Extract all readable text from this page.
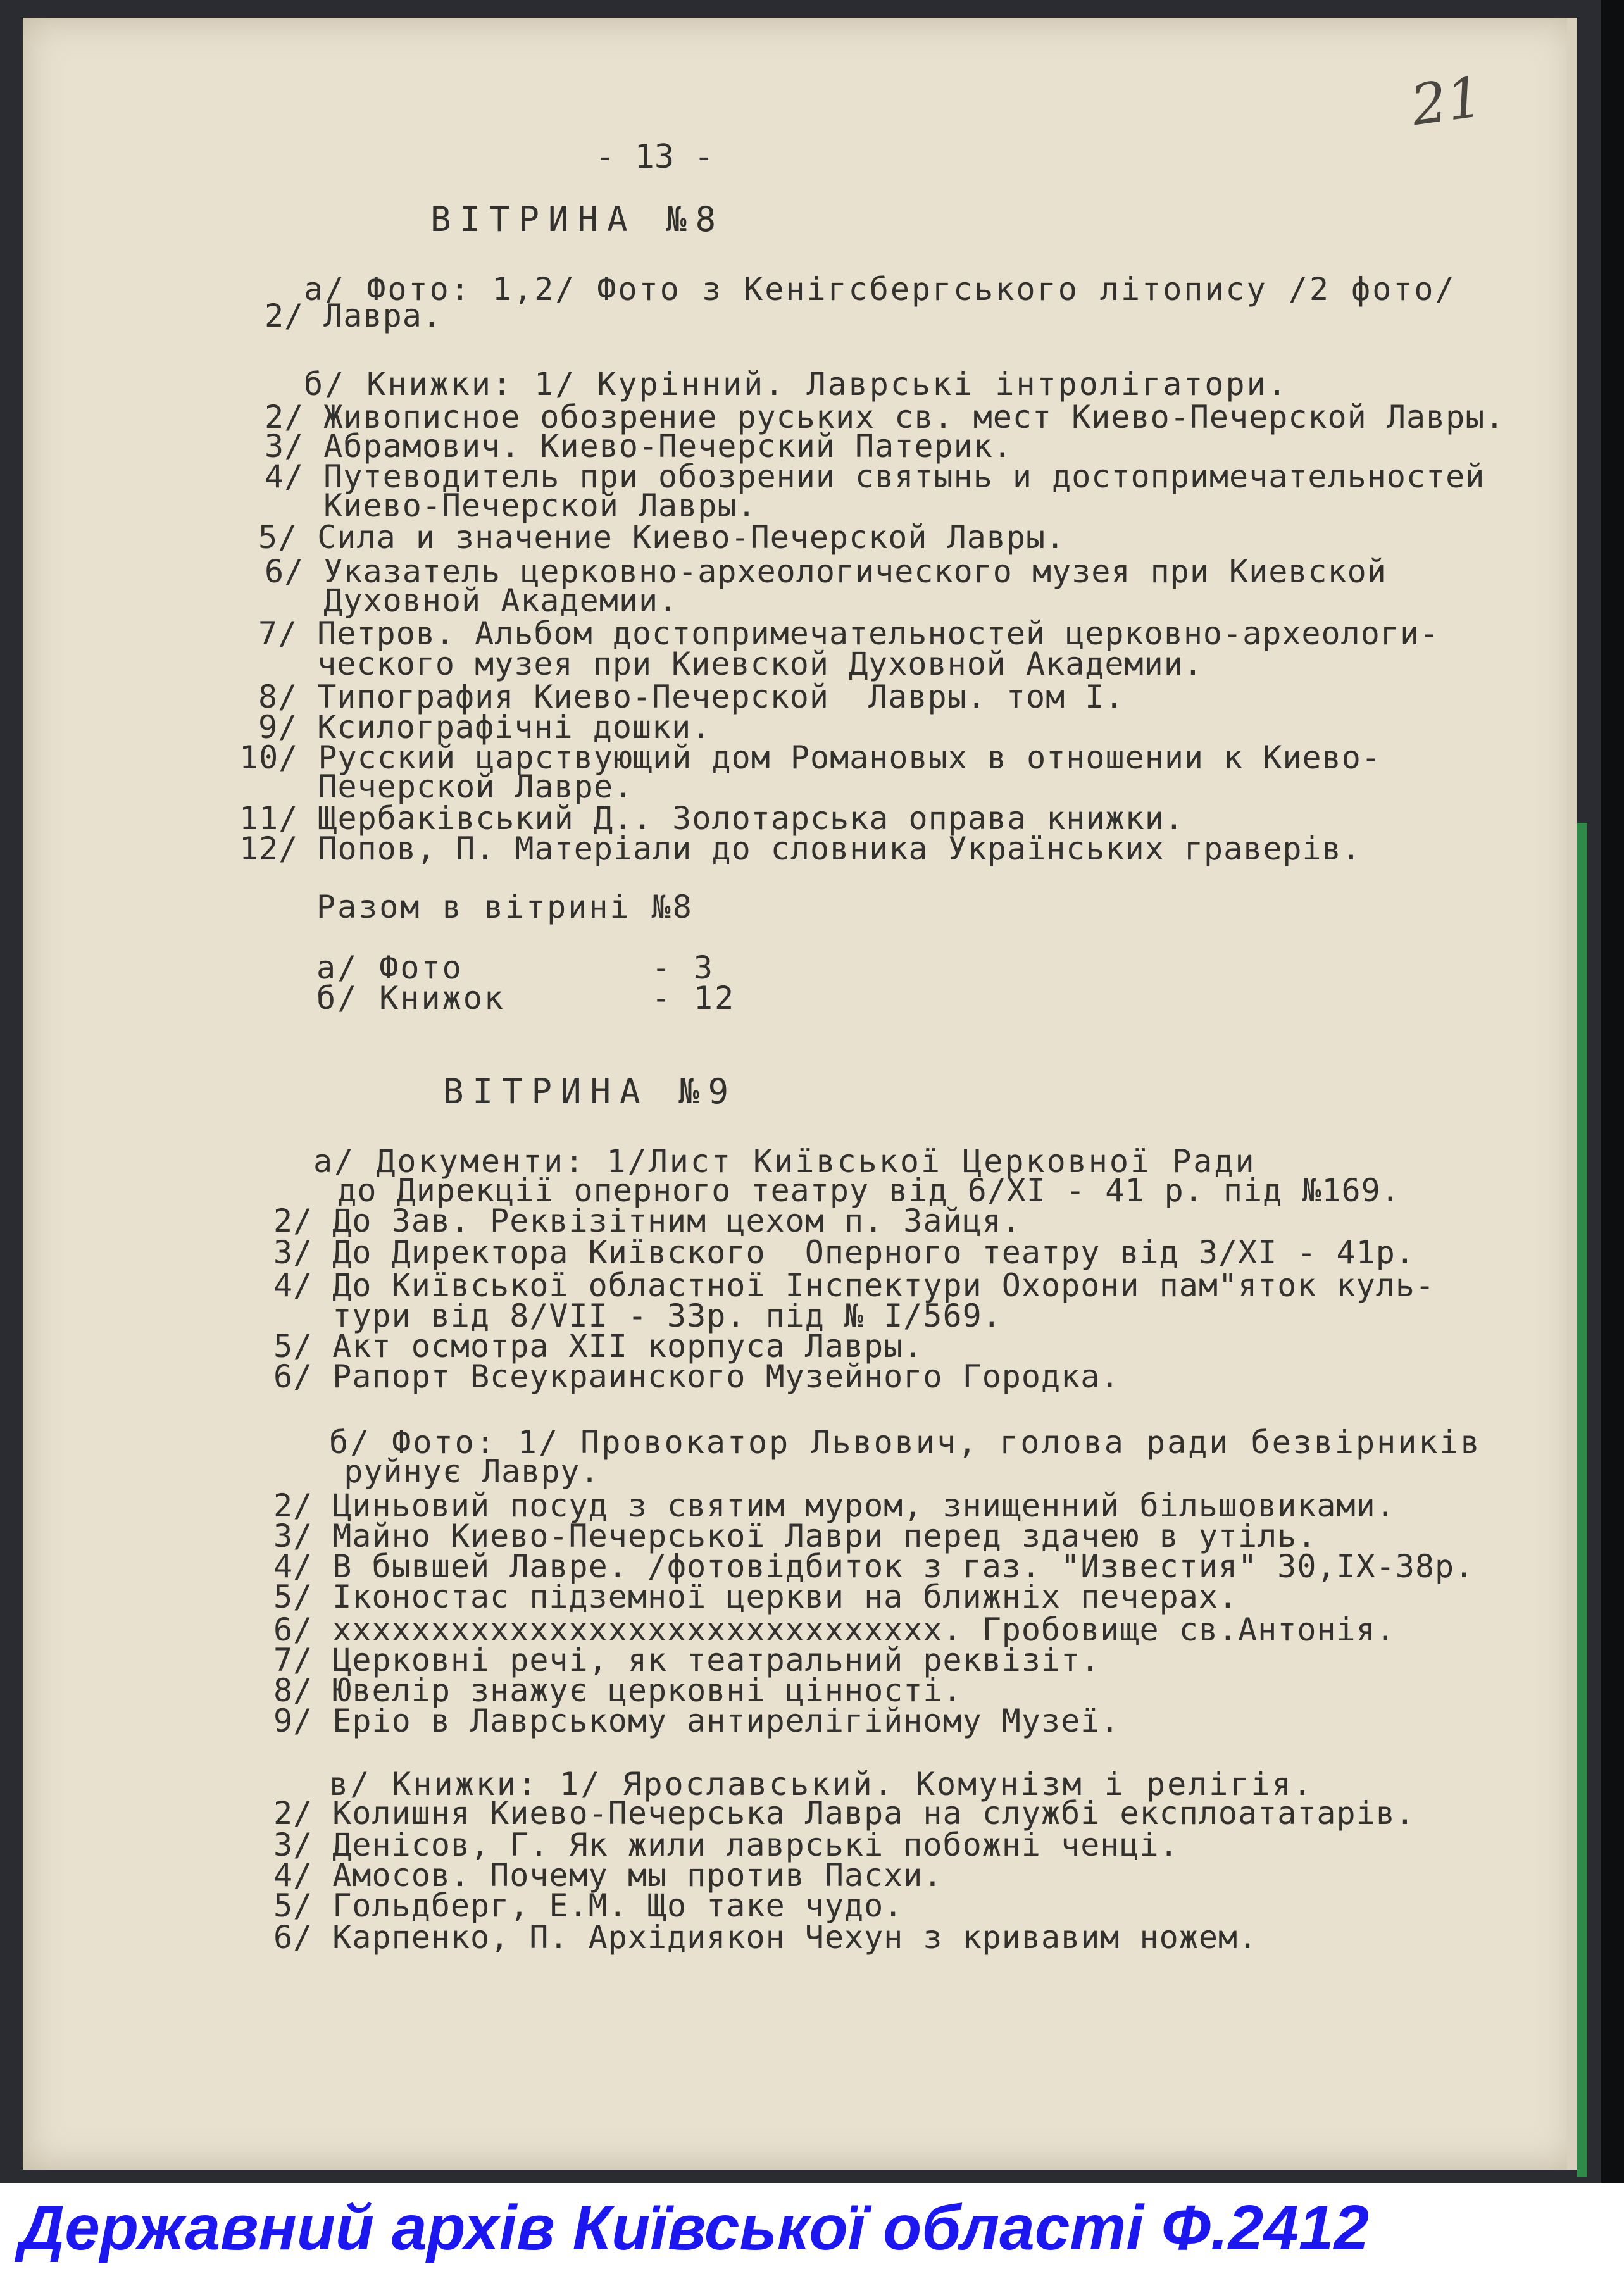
21
- 13 -
ВІТРИНА №8
а/ Фото: 1,2/ Фото з Кенігсбергського літопису /2 фото/
2/ Лавра.
б/ Книжки: 1/ Курінний. Лаврські інтролігатори.
2/ Живописное обозрение руських св. мест Киево-Печерской Лавры.
3/ Абрамович. Киево-Печерский Патерик.
4/ Путеводитель при обозрении святынь и достопримечательностей
Киево-Печерской Лавры.
5/ Сила и значение Киево-Печерской Лавры.
6/ Указатель церковно-археологического музея при Киевской
Духовной Академии.
7/ Петров. Альбом достопримечательностей церковно-археологи-
ческого музея при Киевской Духовной Академии.
8/ Типография Киево-Печерской  Лавры. том I.
9/ Ксилографічні дошки.
10/ Русский царствующий дом Романовых в отношении к Киево-
Печерской Лавре.
11/ Щербаківський Д.. Золотарська оправа книжки.
12/ Попов, П. Матеріали до словника Українських граверів.
Разом в вітрині №8
а/ Фото         - 3
б/ Книжок       - 12
ВІТРИНА №9
а/ Документи: 1/Лист Київської Церковної Ради
до Дирекції оперного театру від 6/XI - 41 р. під №169.
2/ До Зав. Реквізітним цехом п. Зайця.
3/ До Директора Київского  Оперного театру від 3/XI - 41р.
4/ До Київської областної Інспектури Охорони пам"яток куль-
тури від 8/VII - 33р. під № I/569.
5/ Акт осмотра XII корпуса Лавры.
6/ Рапорт Всеукраинского Музейного Городка.
б/ Фото: 1/ Провокатор Львович, голова ради безвірників
руйнує Лавру.
2/ Циньовий посуд з святим муром, знищенний більшовиками.
3/ Майно Киево-Печерської Лаври перед здачею в утіль.
4/ В бывшей Лавре. /фотовідбиток з газ. "Известия" 30,IX-38р.
5/ Іконостас підземної церкви на ближніх печерах.
6/ ххххххххххххххххххххххххххххххх. Гробовище св.Антонія.
7/ Церковні речі, як театральний реквізіт.
8/ Ювелір знажує церковні цінності.
9/ Еріо в Лаврському антирелігійному Музеї.
в/ Книжки: 1/ Ярославський. Комунізм і релігія.
2/ Колишня Киево-Печерська Лавра на службі експлоататарів.
3/ Денісов, Г. Як жили лаврські побожні ченці.
4/ Амосов. Почему мы против Пасхи.
5/ Гольдберг, Е.М. Що таке чудо.
6/ Карпенко, П. Архідиякон Чехун з кривавим ножем.
Державний архів Київської області Ф.2412
